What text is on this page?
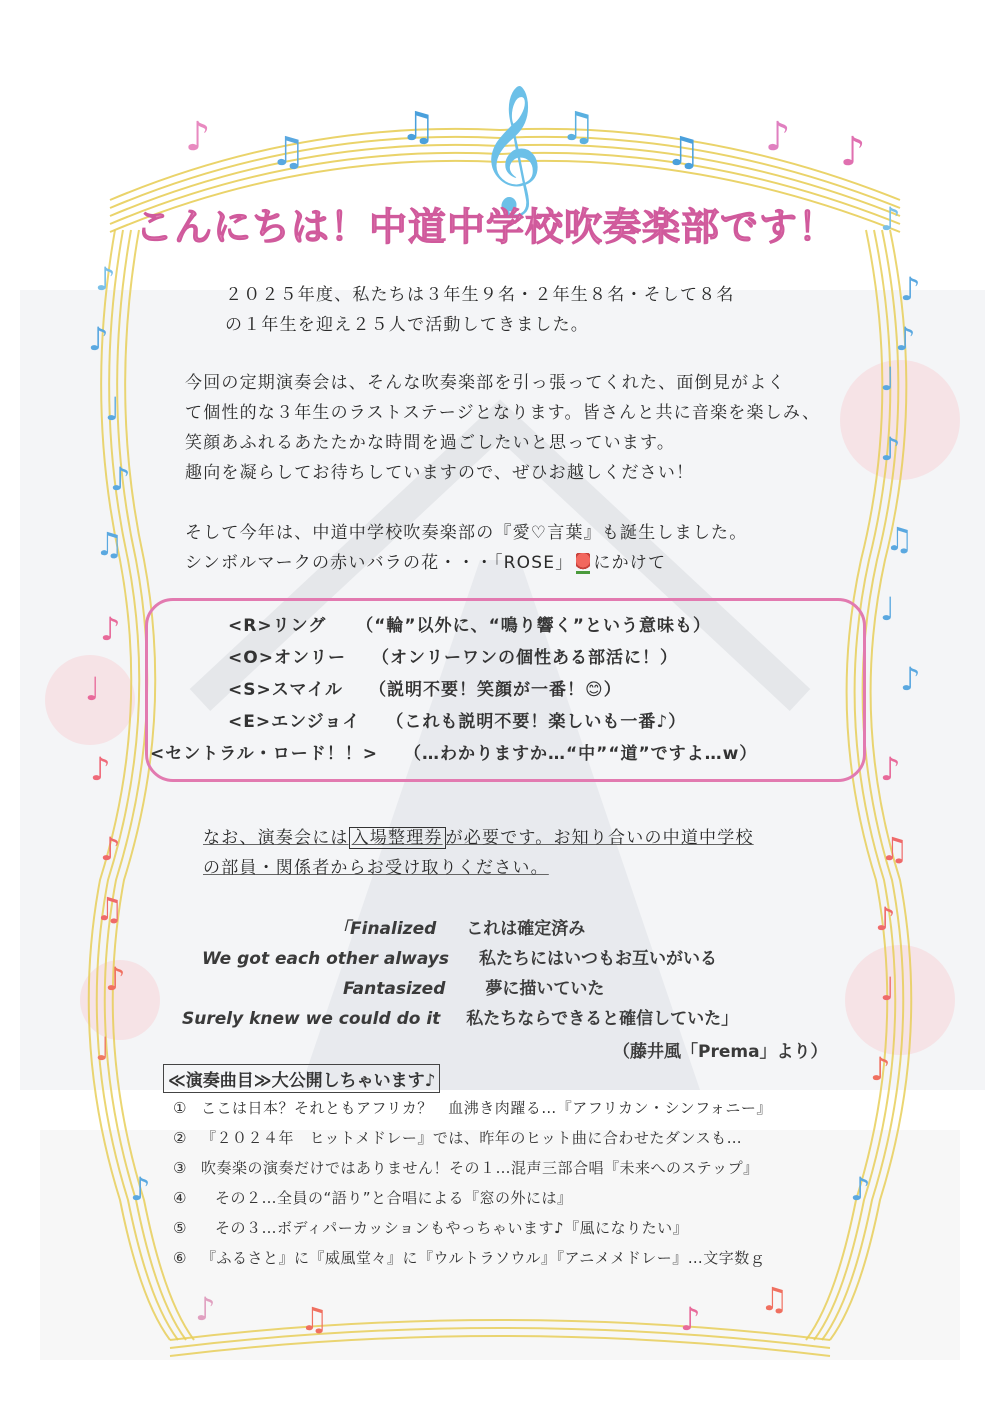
𝄞
♪ ♫
♫	♫
♫ ♪ ♪
♪
♪
♩
♪
♫
♪
♩
♪
♪
♫
♪
♩
♪
♪	♫
♪
♪
♪
♩
♪
♫
♩
♪
♪
♫
♪
♩
♪
♪
♫
♪
こんにちは！中道中学校吹奏楽部です！
２０２５年度、私たちは３年生９名・２年生８名・そして８名
の１年生を迎え２５人で活動してきました。
今回の定期演奏会は、そんな吹奏楽部を引っ張ってくれた、面倒見がよく
て個性的な３年生のラストステージとなります。皆さんと共に音楽を楽しみ、
笑顔あふれるあたたかな時間を過ごしたいと思っています。
趣向を凝らしてお待ちしていますので、ぜひお越しください！
そして今年は、中道中学校吹奏楽部の『愛♡言葉』も誕生しました。
シンボルマークの赤いバラの花・・・「ROSE」 にかけて
<R>リング （“輪”以外に、“鳴り響く”という意味も）
<O>オンリー （オンリーワンの個性ある部活に！）
<S>スマイル （説明不要！笑顔が一番！😊）
<E>エンジョイ （これも説明不要！楽しいも一番♪）
<セントラル・ロード！！> （…わかりますか…“中”“道”ですよ…w）
なお、演奏会には 入場整理券 が必要です。お知り合いの中道中学校
の部員・関係者からお受け取りください。
「Finalized これは確定済み
We got each other always 私たちにはいつもお互いがいる
Fantasized 夢に描いていた
Surely knew we could do it 私たちならできると確信していた」
（藤井風「Prema」より）
≪演奏曲目≫大公開しちゃいます♪
① ここは日本？それともアフリカ？　血沸き肉躍る…『アフリカン・シンフォニー』
② 『２０２４年　ヒットメドレー』では、昨年のヒット曲に合わせたダンスも…
③ 吹奏楽の演奏だけではありません！その１…混声三部合唱『未来へのステップ』
④ その２…全員の“語り”と合唱による『窓の外には』
⑤ その３…ボディパーカッションもやっちゃいます♪『風になりたい』
⑥ 『ふるさと』に『威風堂々』に『ウルトラソウル』『アニメメドレー』…文字数ｇ
